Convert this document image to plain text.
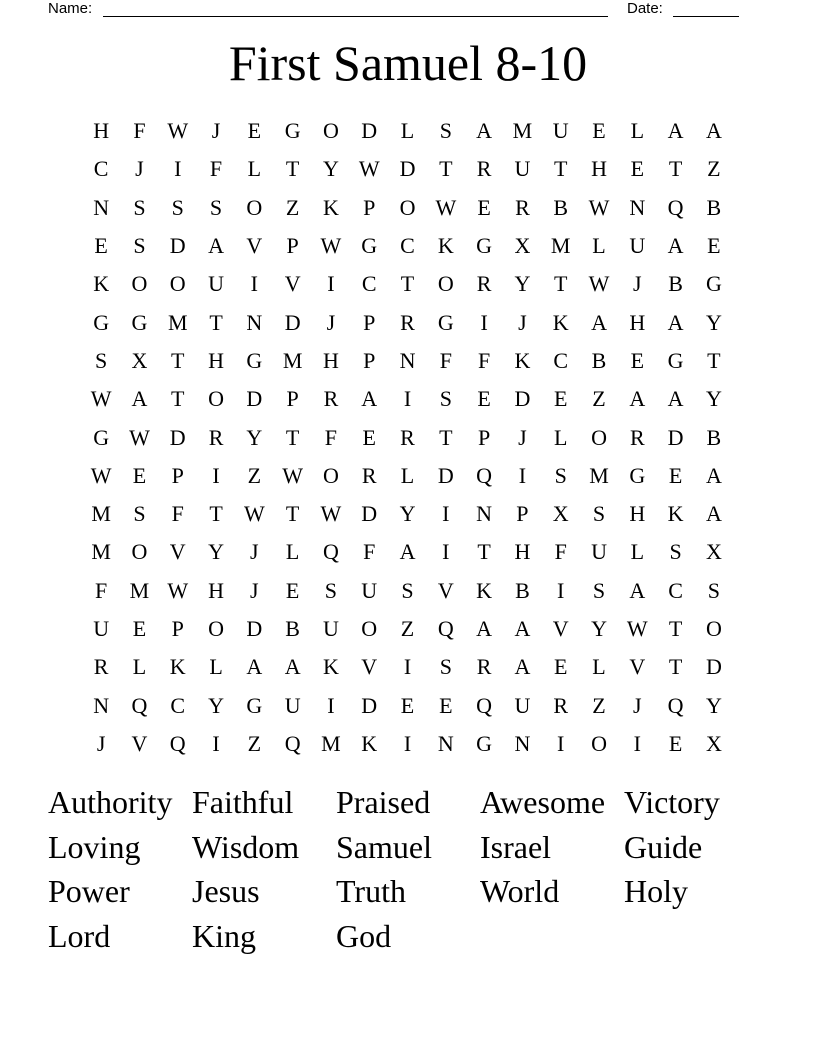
Name:	Date:
First Samuel 8-10
H	F W	J	E	G	O	D	L	S	A M U	E	L	A	A
C	J	I	F	L	T	Y W D	T	R	U	T	H	E	T	Z
N	S	S	S	O	Z	K	P	O W E	R	B W N	Q	B
E	S	D	A	V	P W G	C	K	G	X M L	U	A	E
K	O	O	U	I	V	I	C	T	O	R	Y	T W	J	B	G
G	G M T	N	D	J	P	R	G	I	J	K	A	H	A	Y
S	X	T	H	G M H	P	N	F	F	K	C	B	E	G	T
W A	T	O	D	P	R	A	I	S	E	D	E	Z	A	A	Y
G W D	R	Y	T	F	E	R	T	P	J	L	O	R	D	B
W E	P	I	Z W O	R	L	D	Q	I	S	M G	E	A
M	S	F	T W T W D	Y	I	N	P	X	S	H	K	A
M O	V	Y	J	L	Q	F	A	I	T	H	F	U	L	S	X
F	M W H	J	E	S	U	S	V	K	B	I	S	A	C	S
U	E	P	O	D	B	U	O	Z	Q	A	A	V	Y W T	O
R	L	K	L	A	A	K	V	I	S	R	A	E	L	V	T	D
N	Q	C	Y	G	U	I	D	E	E	Q	U	R	Z	J	Q	Y
J	V	Q	I	Z	Q M K	I	N	G	N	I	O	I	E	X
Authority Faithful	Praised	Awesome Victory
Loving	Wisdom	Samuel	Israel	Guide
Power	Jesus	Truth	World	Holy
Lord	King	God
